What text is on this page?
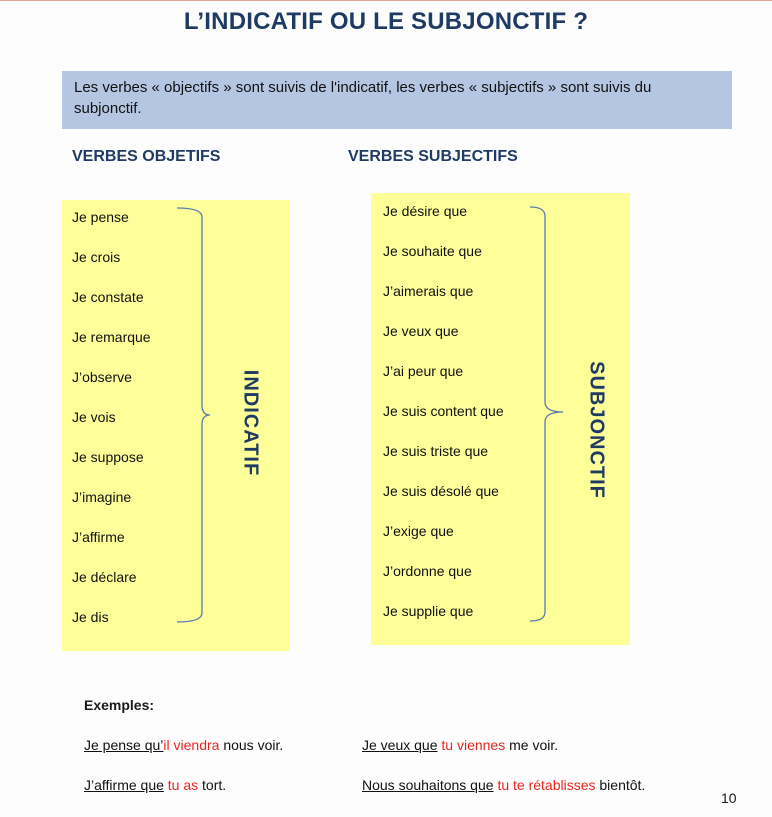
L’INDICATIF OU LE SUBJONCTIF ?
Les verbes « objectifs » sont suivis de l'indicatif, les verbes « subjectifs » sont suivis du subjonctif.
VERBES OBJETIFS	VERBES SUBJECTIFS
Je pense
Je crois
Je constate
Je remarque
J’observe
Je vois
Je suppose
J’imagine
J’affirme
Je déclare
Je dis
INDICATIF
Je désire que
Je souhaite que
J’aimerais que
Je veux que
J’ai peur que
Je suis content que
Je suis triste que
Je suis désolé que
J’exige que
J’ordonne que
Je supplie que
SUBJONCTIF
Exemples:
Je pense qu’il viendra nous voir.	Je veux que tu viennes me voir.
J’affirme que tu as tort.	Nous souhaitons que tu te rétablisses bientôt.
10
